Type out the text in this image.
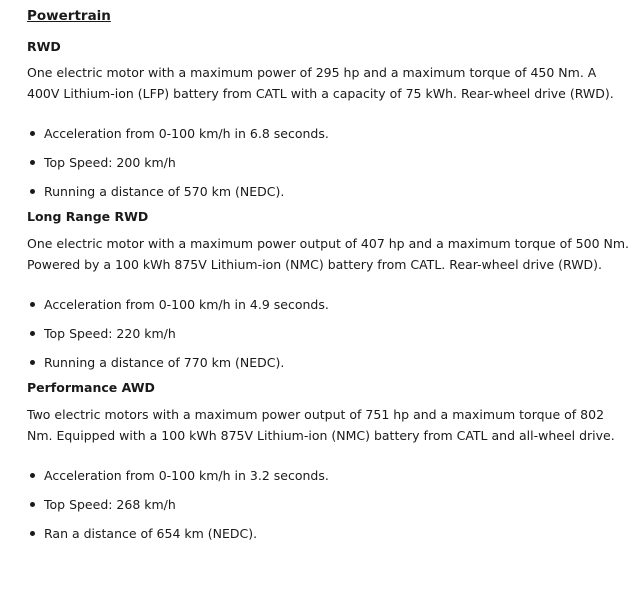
Powertrain
RWD

One electric motor with a maximum power of 295 hp and a maximum torque of 450 Nm. A 400V Lithium-ion (LFP) battery from CATL with a capacity of 75 kWh. Rear-wheel drive (RWD).

Acceleration from 0-100 km/h in 6.8 seconds.
Top Speed: 200 km/h
Running a distance of 570 km (NEDC).
Long Range RWD

One electric motor with a maximum power output of 407 hp and a maximum torque of 500 Nm. Powered by a 100 kWh 875V Lithium-ion (NMC) battery from CATL. Rear-wheel drive (RWD).

Acceleration from 0-100 km/h in 4.9 seconds.
Top Speed: 220 km/h
Running a distance of 770 km (NEDC).
Performance AWD

Two electric motors with a maximum power output of 751 hp and a maximum torque of 802 Nm. Equipped with a 100 kWh 875V Lithium-ion (NMC) battery from CATL and all-wheel drive.

Acceleration from 0-100 km/h in 3.2 seconds.
Top Speed: 268 km/h
Ran a distance of 654 km (NEDC).
